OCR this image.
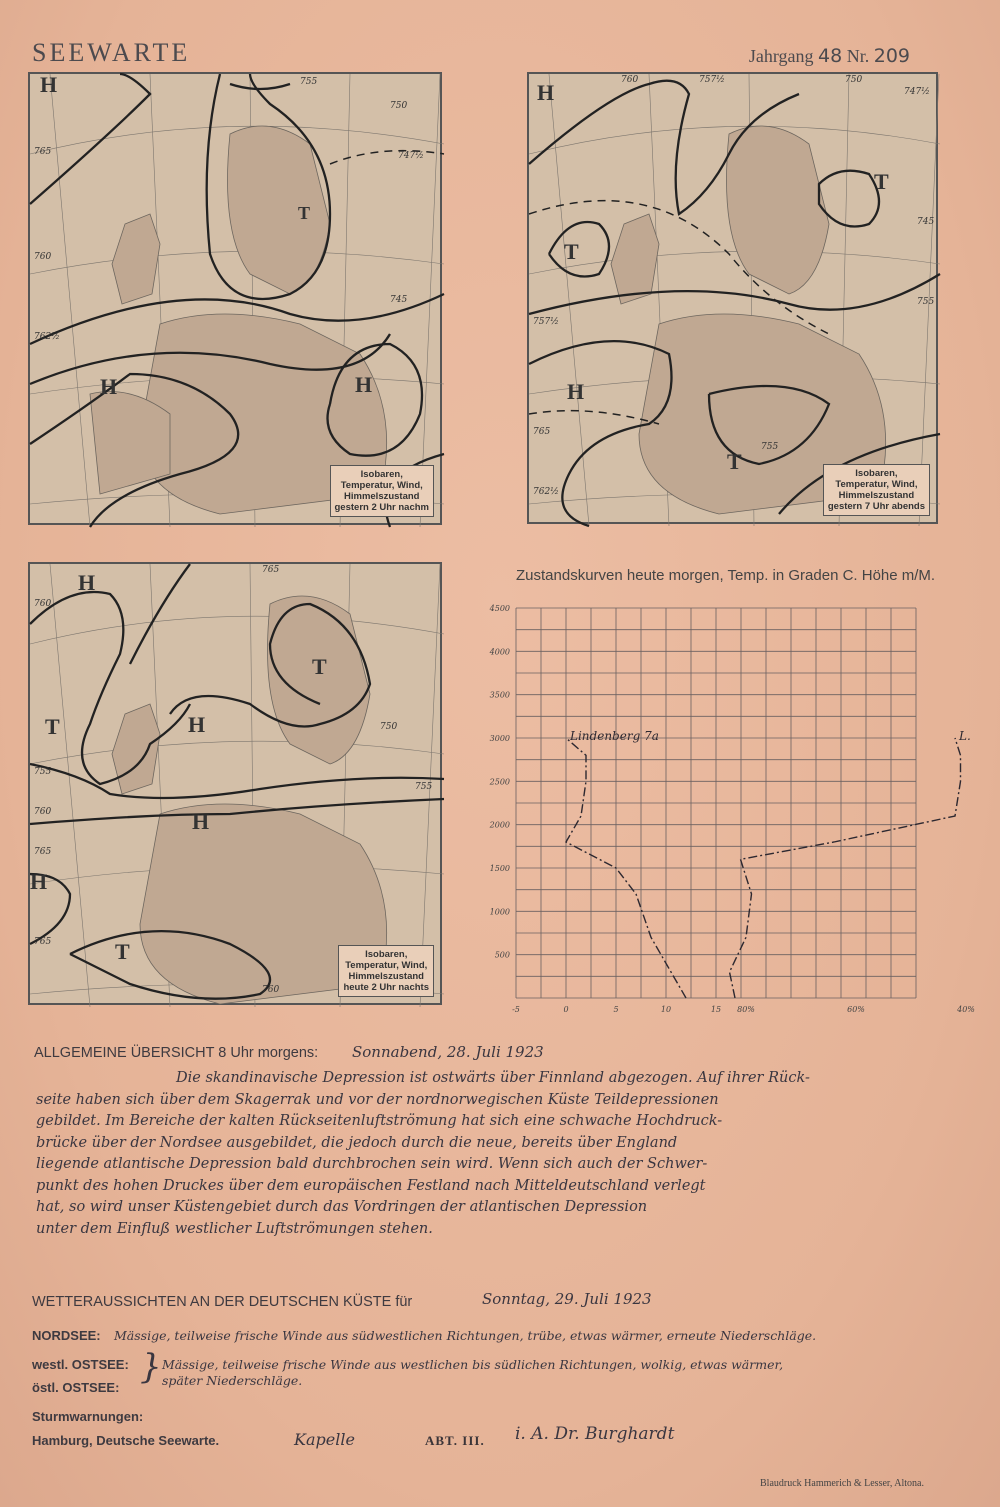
SEEWARTE	Jahrgang 48 Nr. 209
H
H	H
T
765
760
755
750
747½
745
762½
Isobaren,
Temperatur, Wind,
Himmelszustand
gestern 2 Uhr nachm
H
T
H
T
T
760	757½	750
747½
745
755
757½
765
762½
755
Isobaren,
Temperatur, Wind,
Himmelszustand
gestern 7 Uhr abends
H
T	H
T
H
H
T
760
765
750
755
755
760
765
765
760
Isobaren,
Temperatur, Wind,
Himmelszustand
heute 2 Uhr nachts
Zustandskurven heute morgen, Temp. in Graden C. Höhe m/M.
500
1000
1500
2000
2500
3000
3500
4000
4500
-5	0	5	10	15 80%	60%	40%
Lindenberg 7a	L.
ALLGEMEINE ÜBERSICHT 8 Uhr morgens: Sonnabend, 28. Juli 1923
Die skandinavische Depression ist ostwärts über Finnland abgezogen. Auf ihrer Rück-
seite haben sich über dem Skagerrak und vor der nordnorwegischen Küste Teildepressionen
gebildet. Im Bereiche der kalten Rückseitenluftströmung hat sich eine schwache Hochdruck-
brücke über der Nordsee ausgebildet, die jedoch durch die neue, bereits über England
liegende atlantische Depression bald durchbrochen sein wird. Wenn sich auch der Schwer-
punkt des hohen Druckes über dem europäischen Festland nach Mitteldeutschland verlegt
hat, so wird unser Küstengebiet durch das Vordringen der atlantischen Depression
unter dem Einfluß westlicher Luftströmungen stehen.
WETTERAUSSICHTEN AN DER DEUTSCHEN KÜSTE für	Sonntag, 29. Juli 1923
NORDSEE: Mässige, teilweise frische Winde aus südwestlichen Richtungen, trübe, etwas wärmer, erneute Niederschläge.
westl. OSTSEE:
östl. OSTSEE:
} Mässige, teilweise frische Winde aus westlichen bis südlichen Richtungen, wolkig, etwas wärmer,
später Niederschläge.
Sturmwarnungen:
Hamburg, Deutsche Seewarte.	Kapelle	ABT. III. i. A. Dr. Burghardt
Blaudruck Hammerich & Lesser, Altona.
